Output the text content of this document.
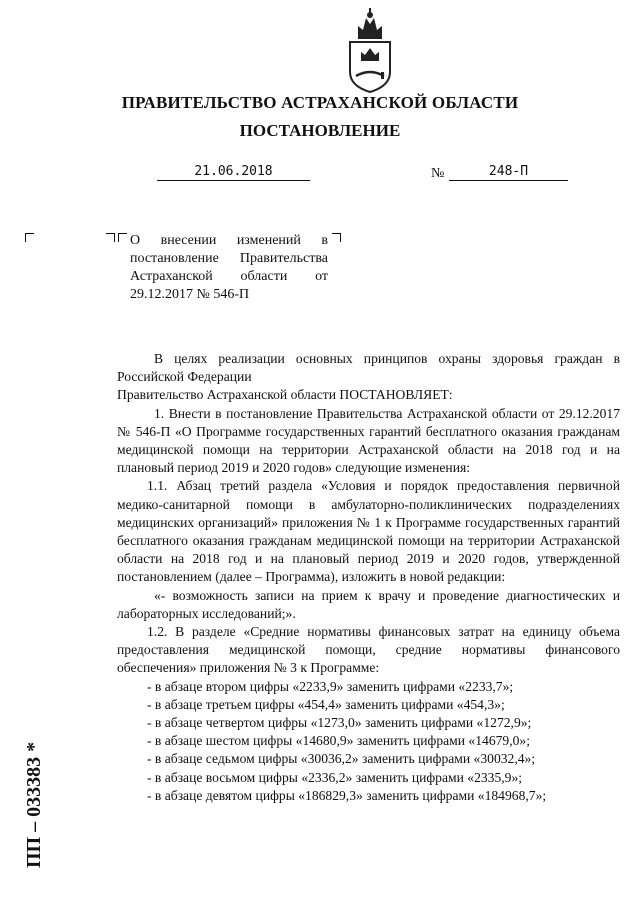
ПРАВИТЕЛЬСТВО АСТРАХАНСКОЙ ОБЛАСТИ
ПОСТАНОВЛЕНИЕ
21.06.2018	№	248-П
О внесении изменений в постановление Правительства Астраханской области от 29.12.2017 № 546-П

В целях реализации основных принципов охраны здоровья граждан в Российской Федерации

Правительство Астраханской области ПОСТАНОВЛЯЕТ:

1. Внести в постановление Правительства Астраханской области от 29.12.2017 № 546-П «О Программе государственных гарантий бесплатного оказания гражданам медицинской помощи на территории Астраханской области на 2018 год и на плановый период 2019 и 2020 годов» следующие изменения:

1.1. Абзац третий раздела «Условия и порядок предоставления первичной медико-санитарной помощи в амбулаторно-поликлинических подразделениях медицинских организаций» приложения № 1 к Программе государственных гарантий бесплатного оказания гражданам медицинской помощи на территории Астраханской области на 2018 год и на плановый период 2019 и 2020 годов, утвержденной постановлением (далее – Программа), изложить в новой редакции:

«- возможность записи на прием к врачу и проведение диагностических и лабораторных исследований;».

1.2. В разделе «Средние нормативы финансовых затрат на единицу объема предоставления медицинской помощи, средние нормативы финансового обеспечения» приложения № 3 к Программе:

- в абзаце втором цифры «2233,9» заменить цифрами «2233,7»;

- в абзаце третьем цифры «454,4» заменить цифрами «454,3»;

- в абзаце четвертом цифры «1273,0» заменить цифрами «1272,9»;

- в абзаце шестом цифры «14680,9» заменить цифрами «14679,0»;

- в абзаце седьмом цифры «30036,2» заменить цифрами «30032,4»;

- в абзаце восьмом цифры «2336,2» заменить цифрами «2335,9»;

- в абзаце девятом цифры «186829,3» заменить цифрами «184968,7»;

ПП – 033383 *
